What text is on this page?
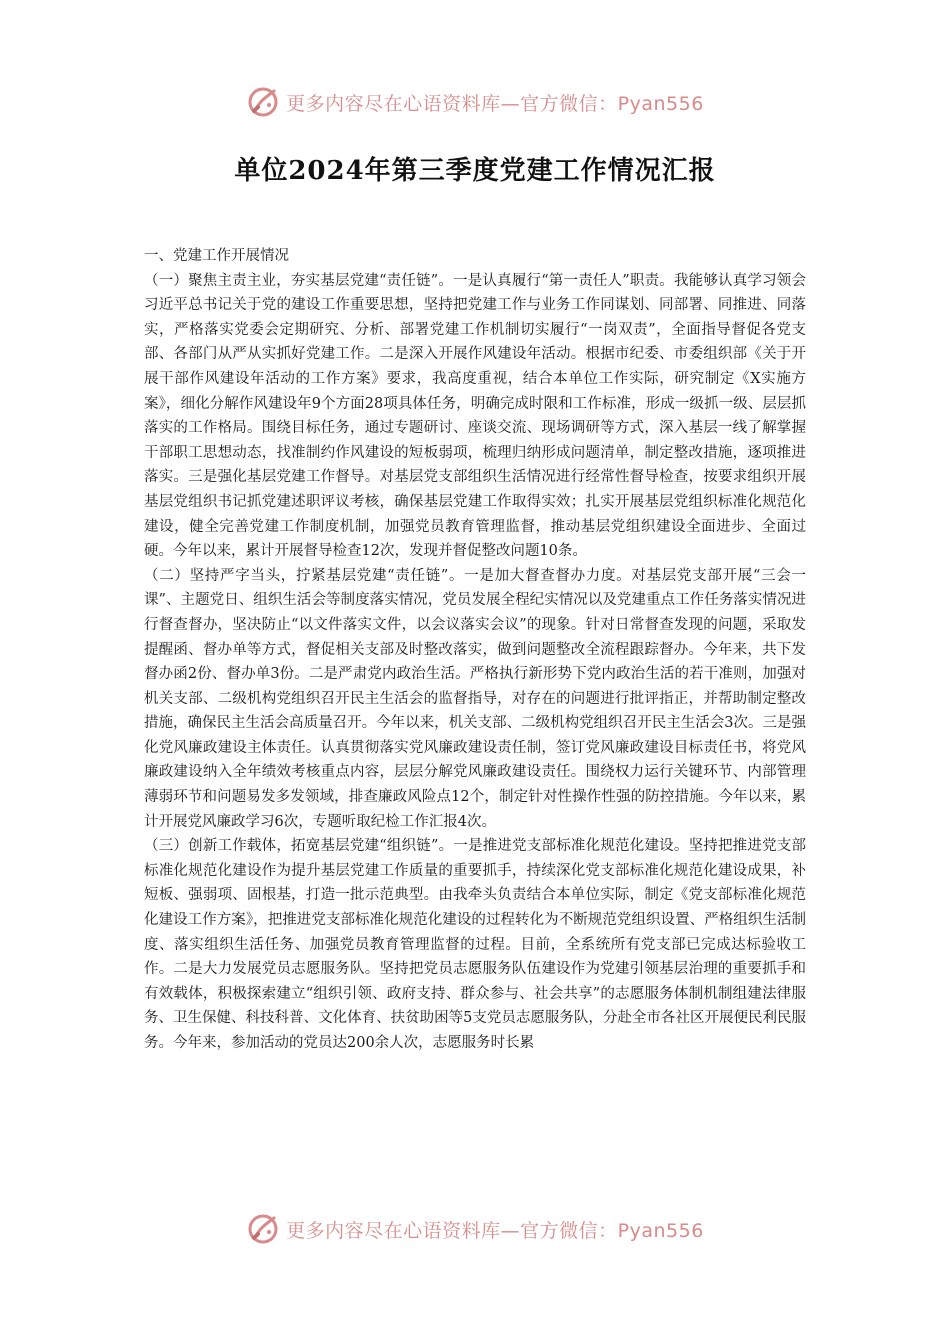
更多内容尽在心语资料库—官方微信：Pyan556
单位2024年第三季度党建工作情况汇报

一、党建工作开展情况

（一）聚焦主责主业，夯实基层党建“责任链”。一是认真履行“第一责任人”职责。我能够认真学习领会习近平总书记关于党的建设工作重要思想，坚持把党建工作与业务工作同谋划、同部署、同推进、同落实，严格落实党委会定期研究、分析、部署党建工作机制切实履行“一岗双责”，全面指导督促各党支部、各部门从严从实抓好党建工作。二是深入开展作风建设年活动。根据市纪委、市委组织部《关于开展干部作风建设年活动的工作方案》要求，我高度重视，结合本单位工作实际，研究制定《X实施方案》，细化分解作风建设年9个方面28项具体任务，明确完成时限和工作标准，形成一级抓一级、层层抓落实的工作格局。围绕目标任务，通过专题研讨、座谈交流、现场调研等方式，深入基层一线了解掌握干部职工思想动态，找准制约作风建设的短板弱项，梳理归纳形成问题清单，制定整改措施，逐项推进落实。三是强化基层党建工作督导。对基层党支部组织生活情况进行经常性督导检查，按要求组织开展基层党组织书记抓党建述职评议考核，确保基层党建工作取得实效；扎实开展基层党组织标准化规范化建设，健全完善党建工作制度机制，加强党员教育管理监督，推动基层党组织建设全面进步、全面过硬。今年以来，累计开展督导检查12次，发现并督促整改问题10条。

（二）坚持严字当头，拧紧基层党建“责任链”。一是加大督查督办力度。对基层党支部开展“三会一课”、主题党日、组织生活会等制度落实情况，党员发展全程纪实情况以及党建重点工作任务落实情况进行督查督办，坚决防止“以文件落实文件，以会议落实会议”的现象。针对日常督查发现的问题，采取发提醒函、督办单等方式，督促相关支部及时整改落实，做到问题整改全流程跟踪督办。今年来，共下发督办函2份、督办单3份。二是严肃党内政治生活。严格执行新形势下党内政治生活的若干准则，加强对机关支部、二级机构党组织召开民主生活会的监督指导，对存在的问题进行批评指正，并帮助制定整改措施，确保民主生活会高质量召开。今年以来，机关支部、二级机构党组织召开民主生活会3次。三是强化党风廉政建设主体责任。认真贯彻落实党风廉政建设责任制，签订党风廉政建设目标责任书，将党风廉政建设纳入全年绩效考核重点内容，层层分解党风廉政建设责任。围绕权力运行关键环节、内部管理薄弱环节和问题易发多发领域，排查廉政风险点12个，制定针对性操作性强的防控措施。今年以来，累计开展党风廉政学习6次，专题听取纪检工作汇报4次。

（三）创新工作载体，拓宽基层党建“组织链”。一是推进党支部标准化规范化建设。坚持把推进党支部标准化规范化建设作为提升基层党建工作质量的重要抓手，持续深化党支部标准化规范化建设成果，补短板、强弱项、固根基，打造一批示范典型。由我牵头负责结合本单位实际，制定《党支部标准化规范化建设工作方案》，把推进党支部标准化规范化建设的过程转化为不断规范党组织设置、严格组织生活制度、落实组织生活任务、加强党员教育管理监督的过程。目前，全系统所有党支部已完成达标验收工作。二是大力发展党员志愿服务队。坚持把党员志愿服务队伍建设作为党建引领基层治理的重要抓手和有效载体，积极探索建立“组织引领、政府支持、群众参与、社会共享”的志愿服务体制机制组建法律服务、卫生保健、科技科普、文化体育、扶贫助困等5支党员志愿服务队，分赴全市各社区开展便民利民服务。今年来，参加活动的党员达200余人次，志愿服务时长累

更多内容尽在心语资料库—官方微信：Pyan556
